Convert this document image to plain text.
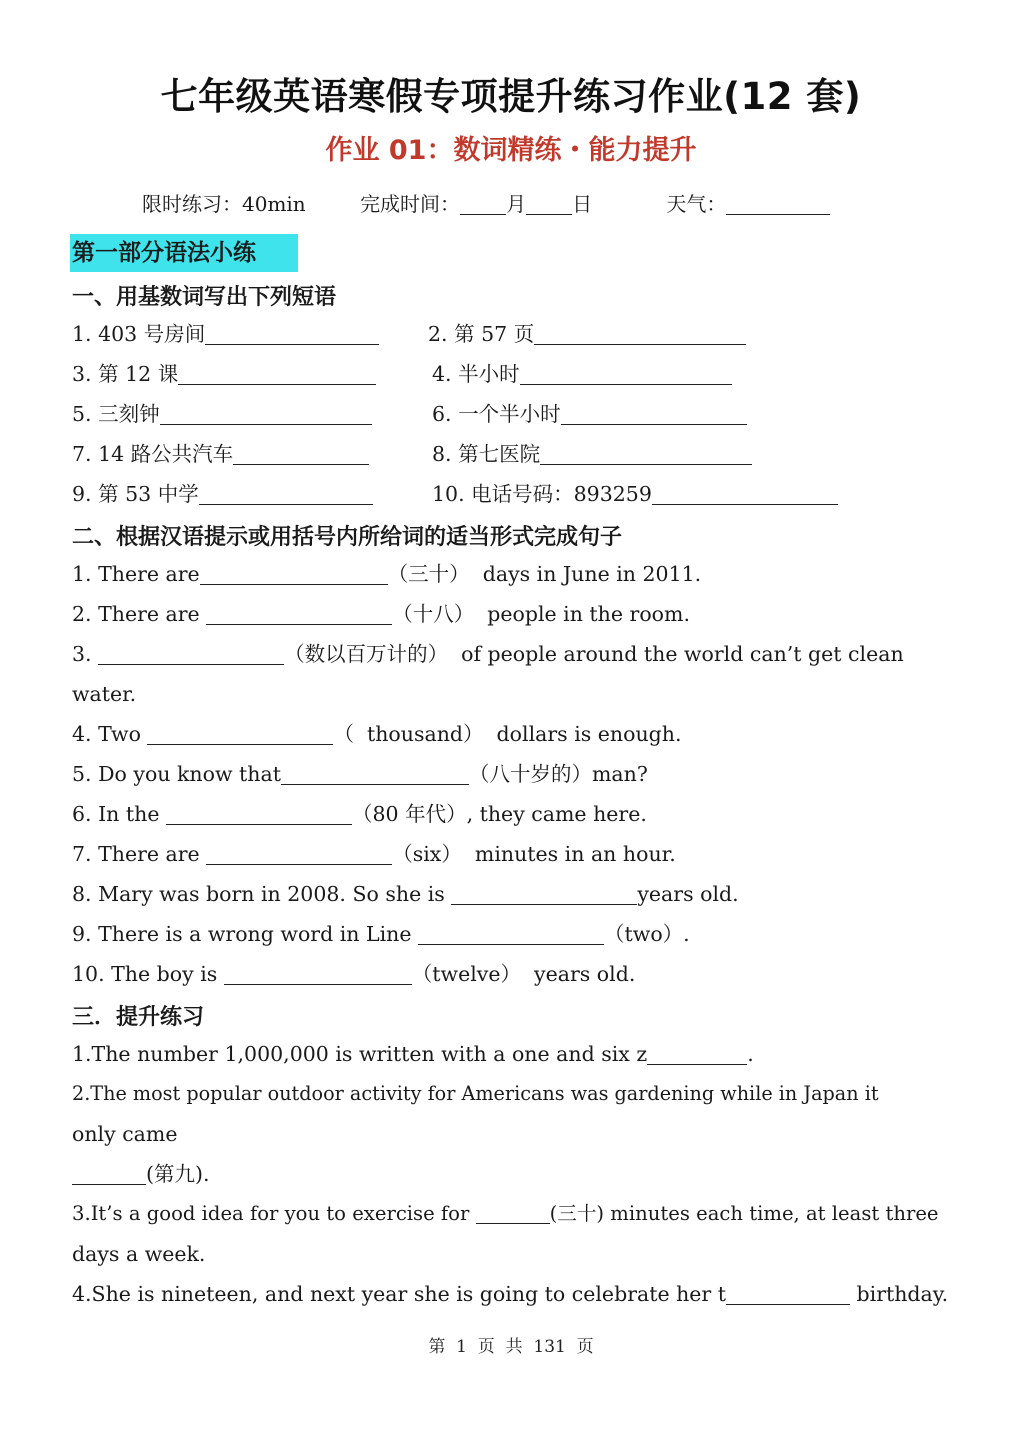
七年级英语寒假专项提升练习作业(12 套)
作业 01：数词精练・能力提升
限时练习：40min	完成时间： 月 日	天气：
第一部分语法小练
一、用基数词写出下列短语
1. 403 号房间	2. 第 57 页
3. 第 12 课	4. 半小时
5. 三刻钟	6. 一个半小时
7. 14 路公共汽车	8. 第七医院
9. 第 53 中学	10. 电话号码：893259
二、根据汉语提示或用括号内所给词的适当形式完成句子
1. There are	（三十）  days in June in 2011.
2. There are	（十八）  people in the room.
3.	（数以百万计的）  of people around the world can’t get clean
water.
4. Two	（  thousand）  dollars is enough.
5. Do you know that	（八十岁的）man?
6. In the	（80 年代）, they came here.
7. There are	（six）  minutes in an hour.
8. Mary was born in 2008. So she is	years old.
9. There is a wrong word in Line	（two）.
10. The boy is	（twelve）  years old.
三．提升练习
1.The number 1,000,000 is written with a one and six z	.
2.The most popular outdoor activity for Americans was gardening while in Japan it
only came
(第九).
3.It’s a good idea for you to exercise for	(三十) minutes each time, at least three
days a week.
4.She is nineteen, and next year she is going to celebrate her t	birthday.
第  1  页  共  131  页
